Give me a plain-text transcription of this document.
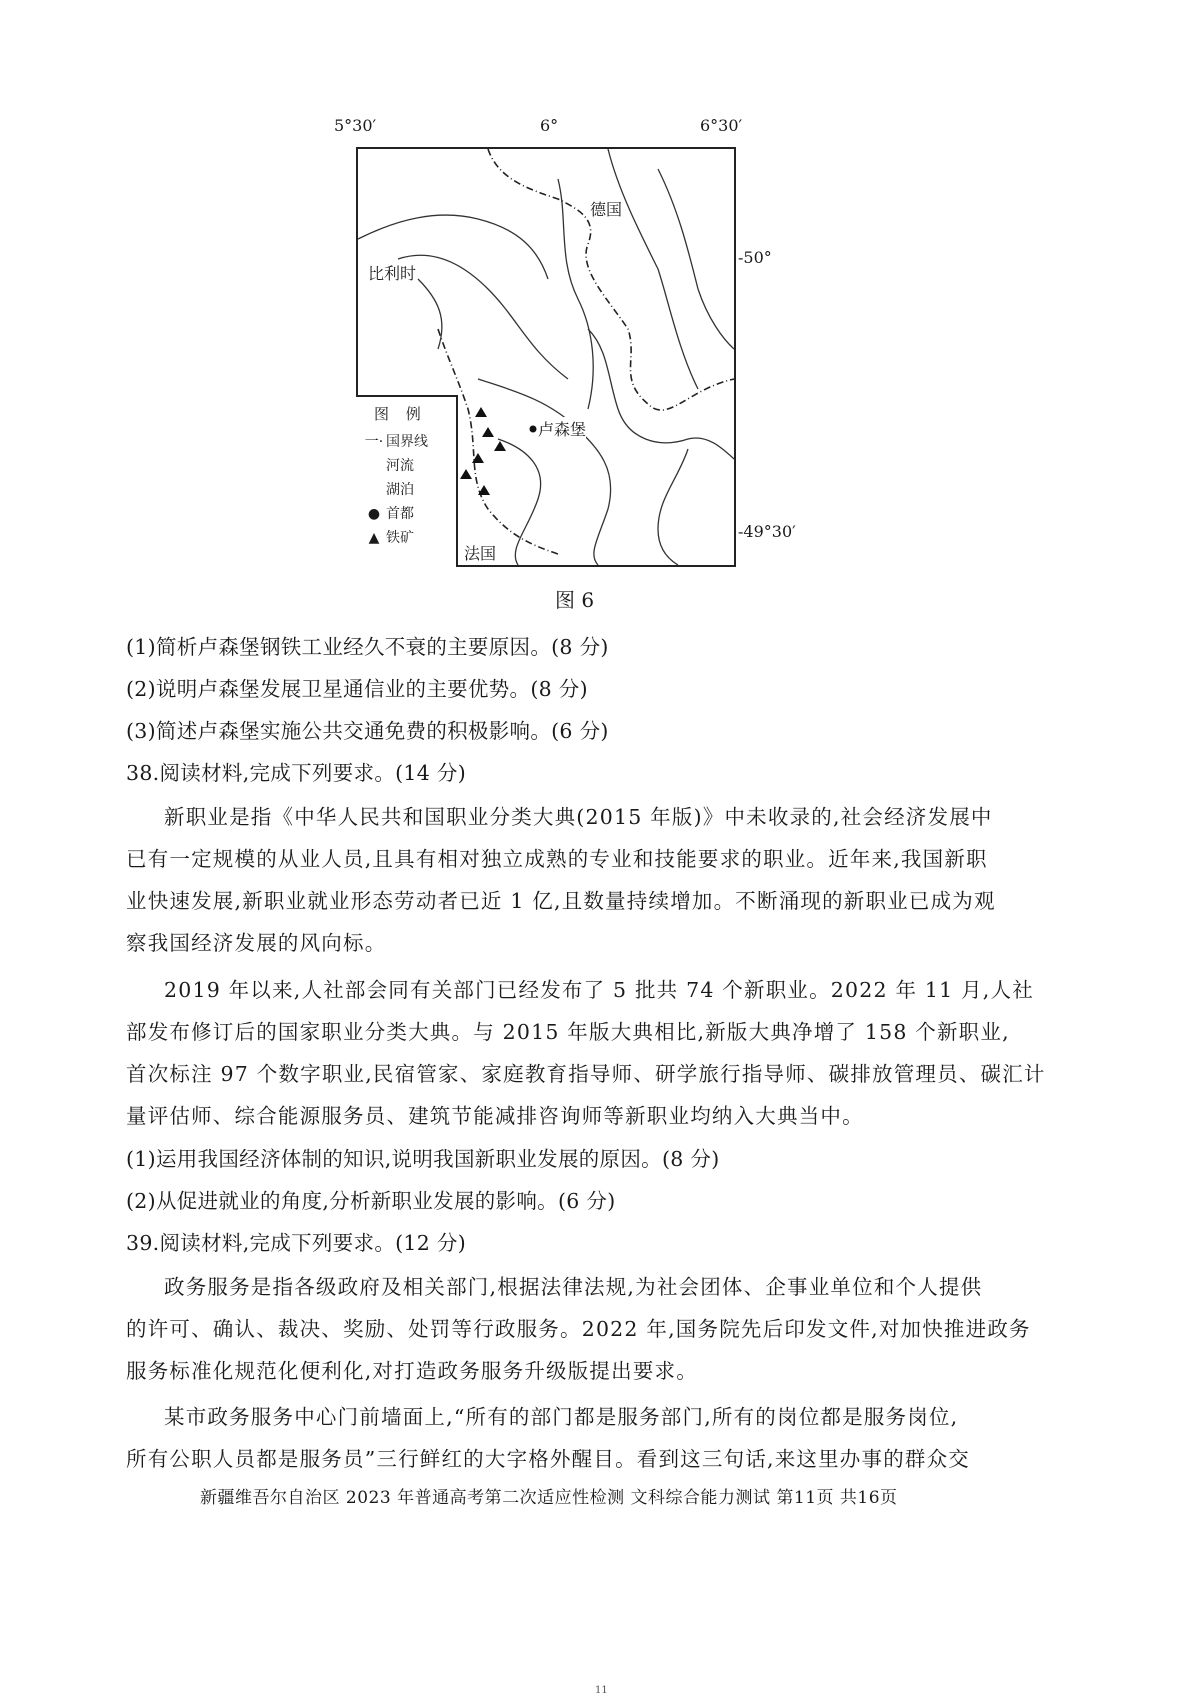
5°30′	6°	6°30′
-50°
-49°30′
德国
比利时
卢森堡
法国
图 例
一· 国界线
河流
湖泊
● 首都
▲ 铁矿
图 6
(1)简析卢森堡钢铁工业经久不衰的主要原因。(8 分)
(2)说明卢森堡发展卫星通信业的主要优势。(8 分)
(3)简述卢森堡实施公共交通免费的积极影响。(6 分)
38.阅读材料,完成下列要求。(14 分)
新职业是指《中华人民共和国职业分类大典(2015 年版)》中未收录的,社会经济发展中
已有一定规模的从业人员,且具有相对独立成熟的专业和技能要求的职业。近年来,我国新职
业快速发展,新职业就业形态劳动者已近 1 亿,且数量持续增加。不断涌现的新职业已成为观
察我国经济发展的风向标。
2019 年以来,人社部会同有关部门已经发布了 5 批共 74 个新职业。2022 年 11 月,人社
部发布修订后的国家职业分类大典。与 2015 年版大典相比,新版大典净增了 158 个新职业,
首次标注 97 个数字职业,民宿管家、家庭教育指导师、研学旅行指导师、碳排放管理员、碳汇计
量评估师、综合能源服务员、建筑节能减排咨询师等新职业均纳入大典当中。
(1)运用我国经济体制的知识,说明我国新职业发展的原因。(8 分)
(2)从促进就业的角度,分析新职业发展的影响。(6 分)
39.阅读材料,完成下列要求。(12 分)
政务服务是指各级政府及相关部门,根据法律法规,为社会团体、企事业单位和个人提供
的许可、确认、裁决、奖励、处罚等行政服务。2022 年,国务院先后印发文件,对加快推进政务
服务标准化规范化便利化,对打造政务服务升级版提出要求。
某市政务服务中心门前墙面上,“所有的部门都是服务部门,所有的岗位都是服务岗位,
所有公职人员都是服务员”三行鲜红的大字格外醒目。看到这三句话,来这里办事的群众交
新疆维吾尔自治区 2023 年普通高考第二次适应性检测 文科综合能力测试 第11页 共16页
11
